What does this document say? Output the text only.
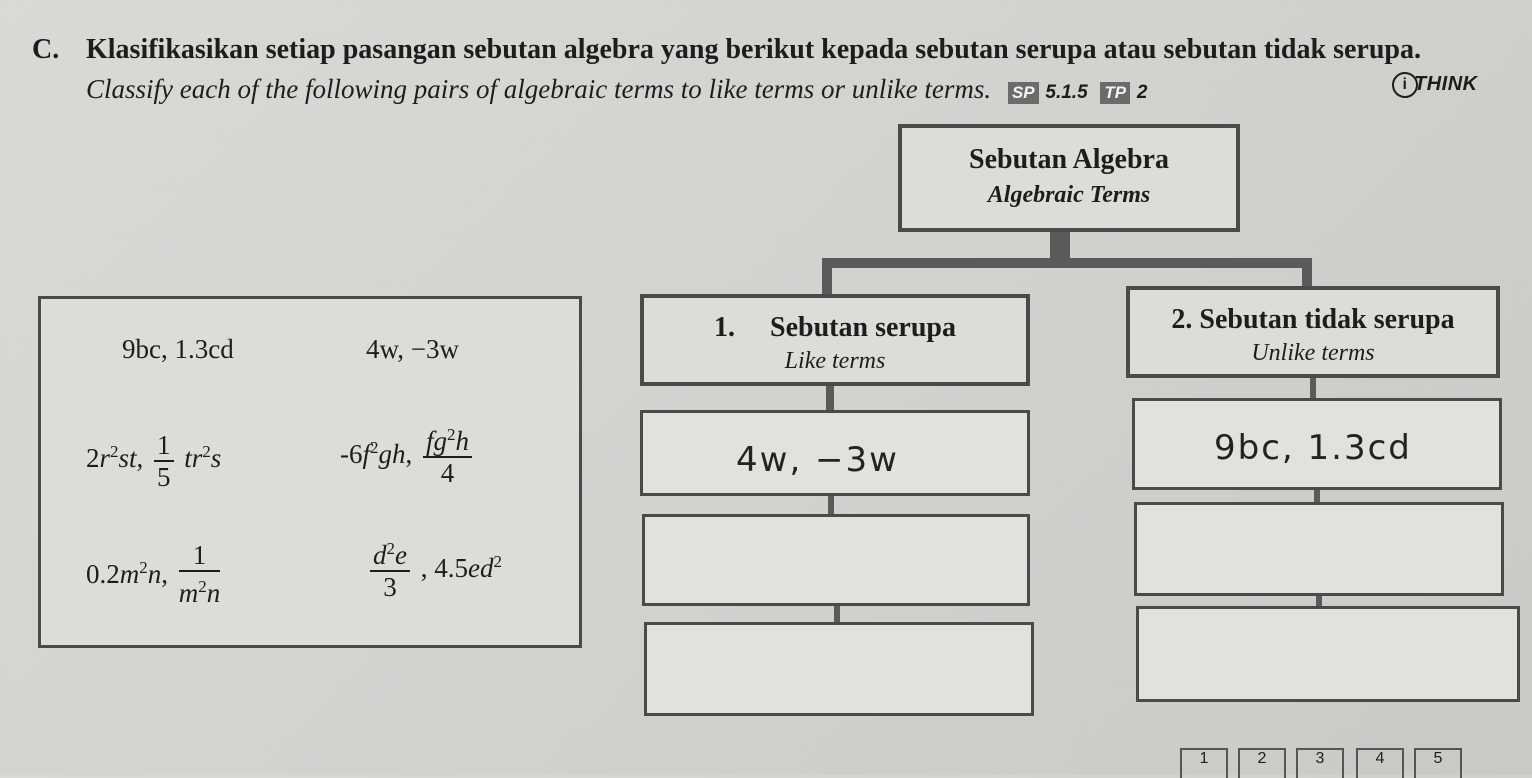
C. Klasifikasikan setiap pasangan sebutan algebra yang berikut kepada sebutan serupa atau sebutan tidak serupa.
Classify each of the following pairs of algebraic terms to like terms or unlike terms. SP 5.1.5 TP 2	i THINK
Sebutan Algebra
Algebraic Terms
1. Sebutan serupa
Like terms
2. Sebutan tidak serupa
Unlike terms
9bc, 1.3cd	4w, −3w
$2r^2st$, $\frac{1}{5} tr^2s$	$-6f^2gh$, $\frac{fg^2h}{4}$
$0.2m^2n$, $\frac{1}{m^2n}$	$\frac{d^2e}{3}$ , $4.5ed^2$
4w, −3w	9bc, 1.3cd
1	2	3	4	5
